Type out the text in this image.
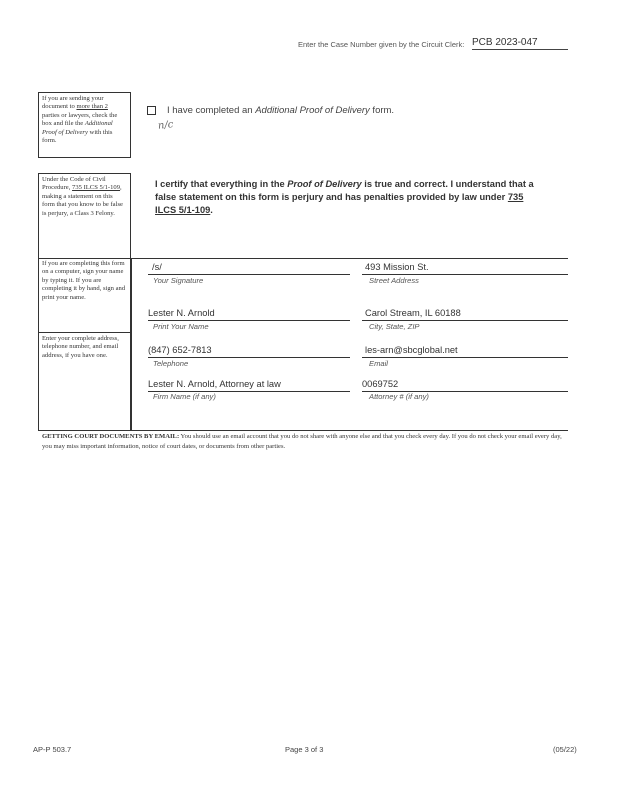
Enter the Case Number given by the Circuit Clerk: PCB 2023-047
If you are sending your document to more than 2 parties or lawyers, check the box and file the Additional Proof of Delivery with this form.
Under the Code of Civil Procedure, 735 ILCS 5/1-109, making a statement on this form that you know to be false is perjury, a Class 3 Felony.
If you are completing this form on a computer, sign your name by typing it. If you are completing it by hand, sign and print your name.
Enter your complete address, telephone number, and email address, if you have one.
I have completed an Additional Proof of Delivery form.
n/c
I certify that everything in the Proof of Delivery is true and correct. I understand that a false statement on this form is perjury and has penalties provided by law under 735 ILCS 5/1-109.
/s/
Your Signature
493 Mission St.
Street Address
Lester N. Arnold
Print Your Name
Carol Stream, IL 60188
City, State, ZIP
(847) 652-7813
Telephone
les-arn@sbcglobal.net
Email
Lester N. Arnold, Attorney at law
Firm Name (if any)
0069752
Attorney # (if any)
GETTING COURT DOCUMENTS BY EMAIL: You should use an email account that you do not share with anyone else and that you check every day. If you do not check your email every day, you may miss important information, notice of court dates, or documents from other parties.
AP-P 503.7	Page 3 of 3	(05/22)
